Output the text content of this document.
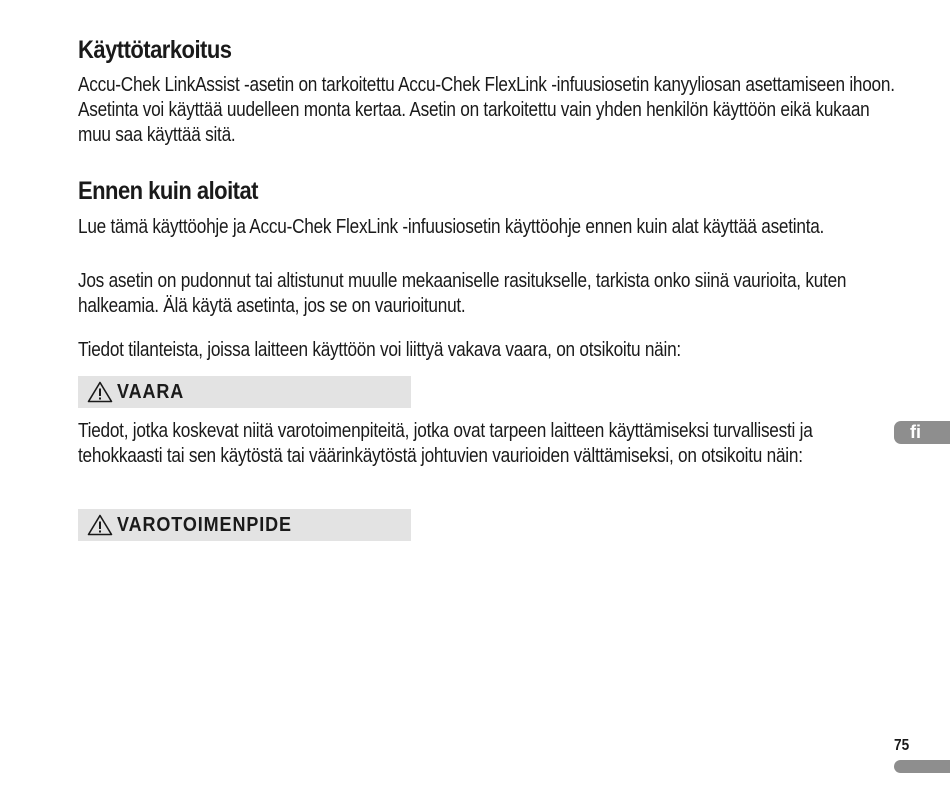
Käyttötarkoitus

Accu-Chek LinkAssist -asetin on tarkoitettu Accu-Chek FlexLink -infuusiosetin kanyyliosan asettamiseen ihoon. Asetinta voi käyttää uudelleen monta kertaa. Asetin on tarkoitettu vain yhden henkilön käyttöön eikä kukaan muu saa käyttää sitä.

Ennen kuin aloitat

Lue tämä käyttöohje ja Accu-Chek FlexLink -infuusiosetin käyttöohje ennen kuin alat käyttää asetinta.

Jos asetin on pudonnut tai altistunut muulle mekaaniselle rasitukselle, tarkista onko siinä vaurioita, kuten halkeamia. Älä käytä asetinta, jos se on vaurioitunut.

Tiedot tilanteista, joissa laitteen käyttöön voi liittyä vakava vaara, on otsikoitu näin:

VAARA

Tiedot, jotka koskevat niitä varotoimenpiteitä, jotka ovat tarpeen laitteen käyttämiseksi turvallisesti ja tehokkaasti tai sen käytöstä tai väärinkäytöstä johtuvien vaurioiden välttämiseksi, on otsikoitu näin:

VAROTOIMENPIDE
fi
75
